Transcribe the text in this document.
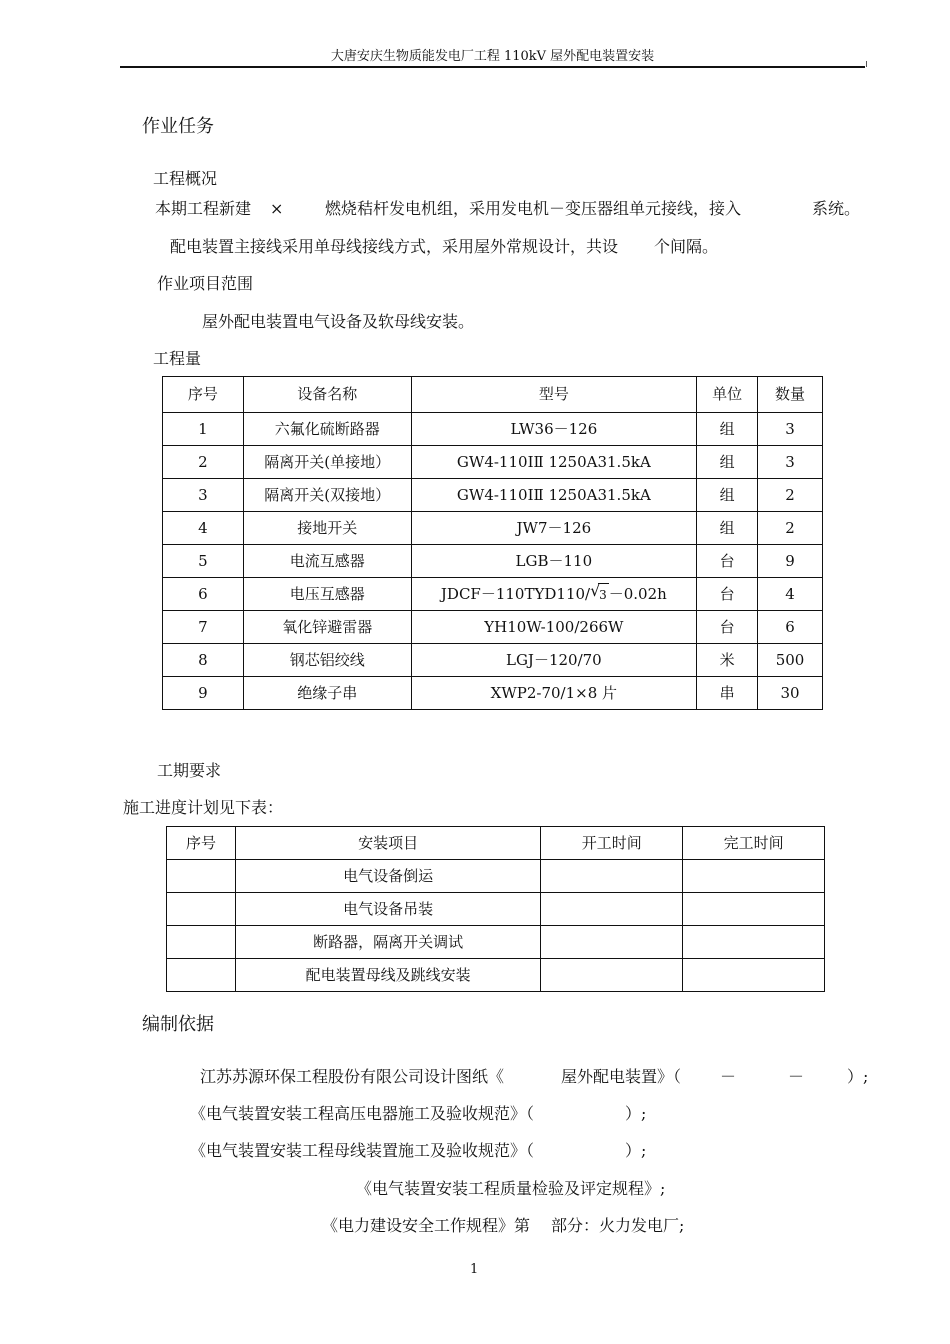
大唐安庆生物质能发电厂工程 110kV 屋外配电装置安装
作业任务
工程概况
本期工程新建 ×	燃烧秸杆发电机组，采用发电机－变压器组单元接线，接入	系统。
配电装置主接线采用单母线接线方式，采用屋外常规设计，共设 个间隔。
作业项目范围
屋外配电装置电气设备及软母线安装。
工程量
序号	设备名称	型号	单位	数量
1	六氟化硫断路器	LW36－126	组	3
2	隔离开关(单接地）	GW4-110ⅠⅡ 1250A31.5kA	组	3
3	隔离开关(双接地）	GW4-110ⅠⅡ 1250A31.5kA	组	2
4	接地开关	JW7－126	组	2
5	电流互感器	LGB－110	台	9
6	电压互感器	JDCF－110TYD110/ √ 3 －0.02h	台	4
7	氧化锌避雷器	YH10W-100/266W	台	6
8	钢芯铝绞线	LGJ－120/70	米	500
9	绝缘子串	XWP2-70/1×8 片	串	30
工期要求
施工进度计划见下表：
序号	安装项目	开工时间	完工时间
	电气设备倒运		
	电气设备吊装		
	断路器，隔离开关调试		
	配电装置母线及跳线安装		
编制依据
江苏苏源环保工程股份有限公司设计图纸《	屋外配电装置》（ －	－	）;
《电气装置安装工程高压电器施工及验收规范》（	）;
《电气装置安装工程母线装置施工及验收规范》（	）;
《电气装置安装工程质量检验及评定规程》;
《电力建设安全工作规程》第 部分：火力发电厂;
1
